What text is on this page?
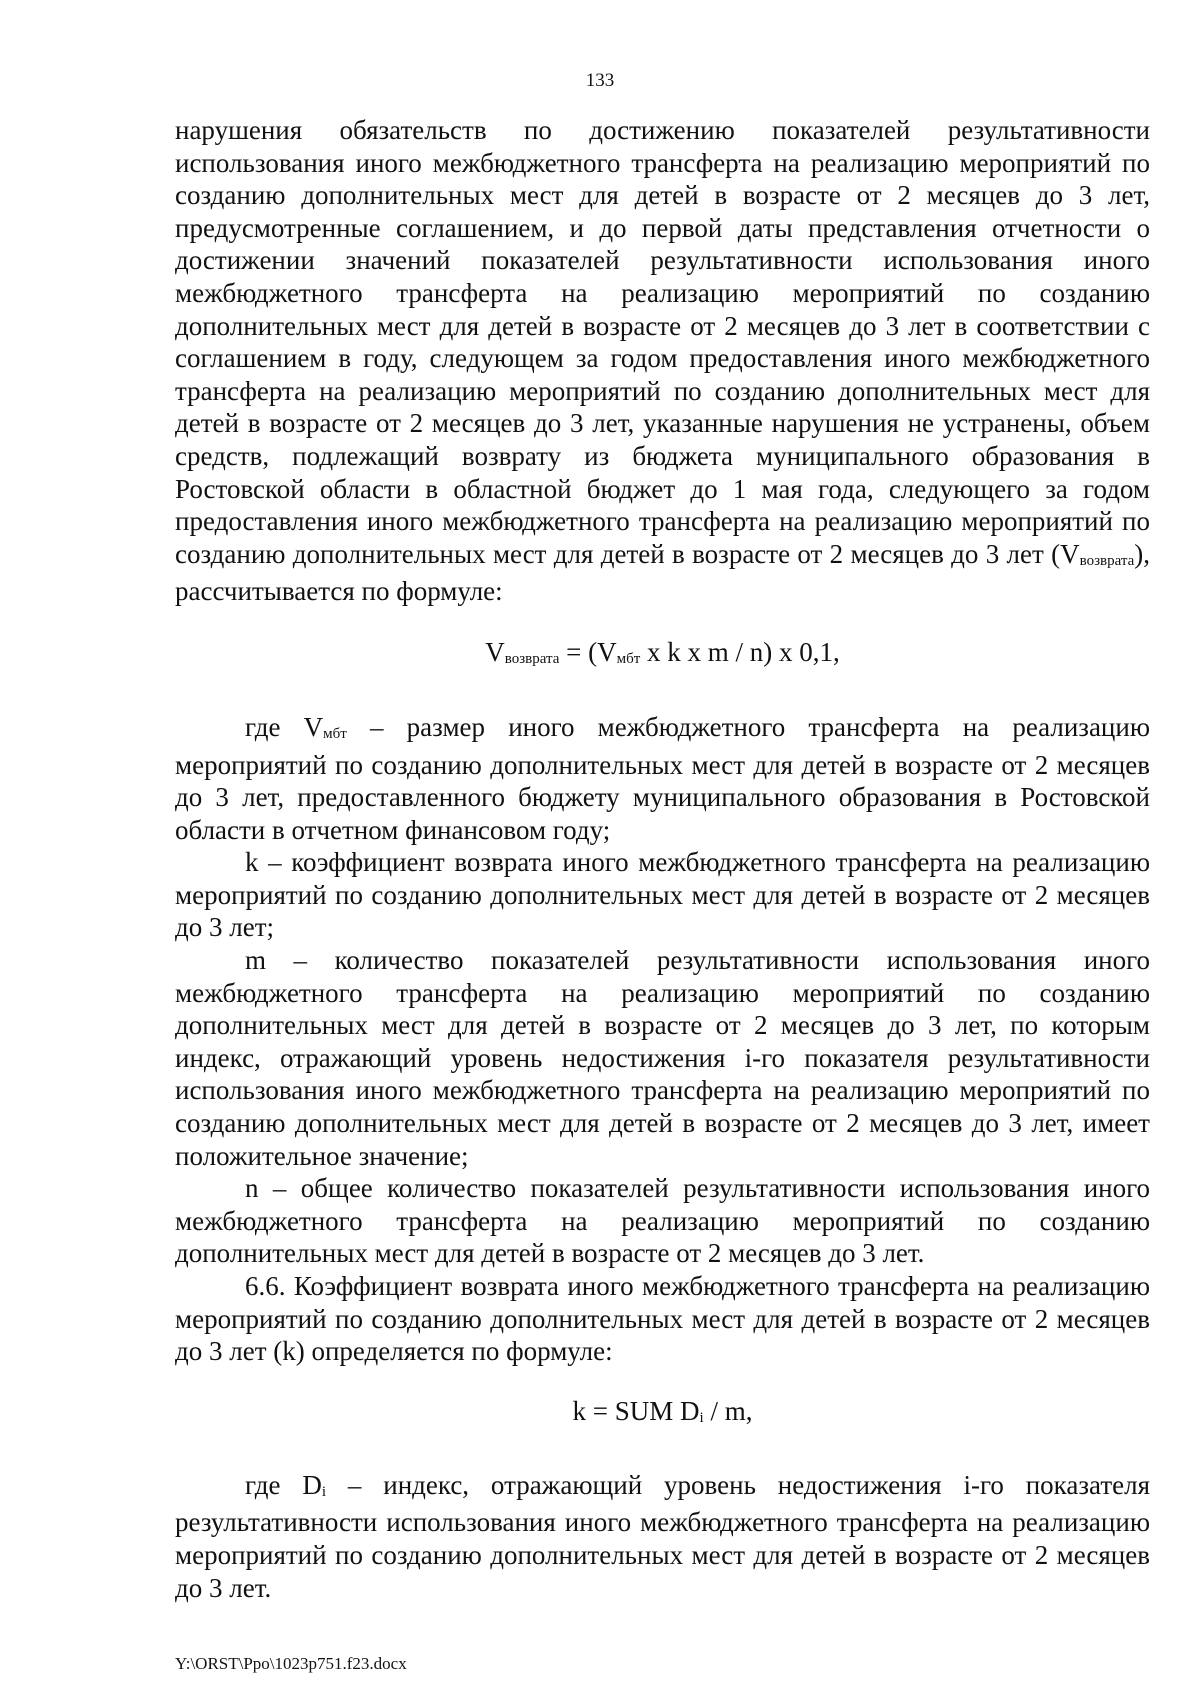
133

нарушения обязательств по достижению показателей результативности использования иного межбюджетного трансферта на реализацию мероприятий по созданию дополнительных мест для детей в возрасте от 2 месяцев до 3 лет, предусмотренные соглашением, и до первой даты представления отчетности о достижении значений показателей результативности использования иного межбюджетного трансферта на реализацию мероприятий по созданию дополнительных мест для детей в возрасте от 2 месяцев до 3 лет в соответствии с соглашением в году, следующем за годом предоставления иного межбюджетного трансферта на реализацию мероприятий по созданию дополнительных мест для детей в возрасте от 2 месяцев до 3 лет, указанные нарушения не устранены, объем средств, подлежащий возврату из бюджета муниципального образования в Ростовской области в областной бюджет до 1 мая года, следующего за годом предоставления иного межбюджетного трансферта на реализацию мероприятий по созданию дополнительных мест для детей в возрасте от 2 месяцев до 3 лет (Vвозврата), рассчитывается по формуле:

Vвозврата = (Vмбт х k х m / n) х 0,1,

где Vмбт – размер иного межбюджетного трансферта на реализацию мероприятий по созданию дополнительных мест для детей в возрасте от 2 месяцев до 3 лет, предоставленного бюджету муниципального образования в Ростовской области в отчетном финансовом году;

k – коэффициент возврата иного межбюджетного трансферта на реализацию мероприятий по созданию дополнительных мест для детей в возрасте от 2 месяцев до 3 лет;

m – количество показателей результативности использования иного межбюджетного трансферта на реализацию мероприятий по созданию дополнительных мест для детей в возрасте от 2 месяцев до 3 лет, по которым индекс, отражающий уровень недостижения i-го показателя результативности использования иного межбюджетного трансферта на реализацию мероприятий по созданию дополнительных мест для детей в возрасте от 2 месяцев до 3 лет, имеет положительное значение;

n – общее количество показателей результативности использования иного межбюджетного трансферта на реализацию мероприятий по созданию дополнительных мест для детей в возрасте от 2 месяцев до 3 лет.

6.6. Коэффициент возврата иного межбюджетного трансферта на реализацию мероприятий по созданию дополнительных мест для детей в возрасте от 2 месяцев до 3 лет (k) определяется по формуле:

k = SUM Di / m,

где Di – индекс, отражающий уровень недостижения i-го показателя результативности использования иного межбюджетного трансферта на реализацию мероприятий по созданию дополнительных мест для детей в возрасте от 2 месяцев до 3 лет.

Y:\ORST\Ppo\1023p751.f23.docx
